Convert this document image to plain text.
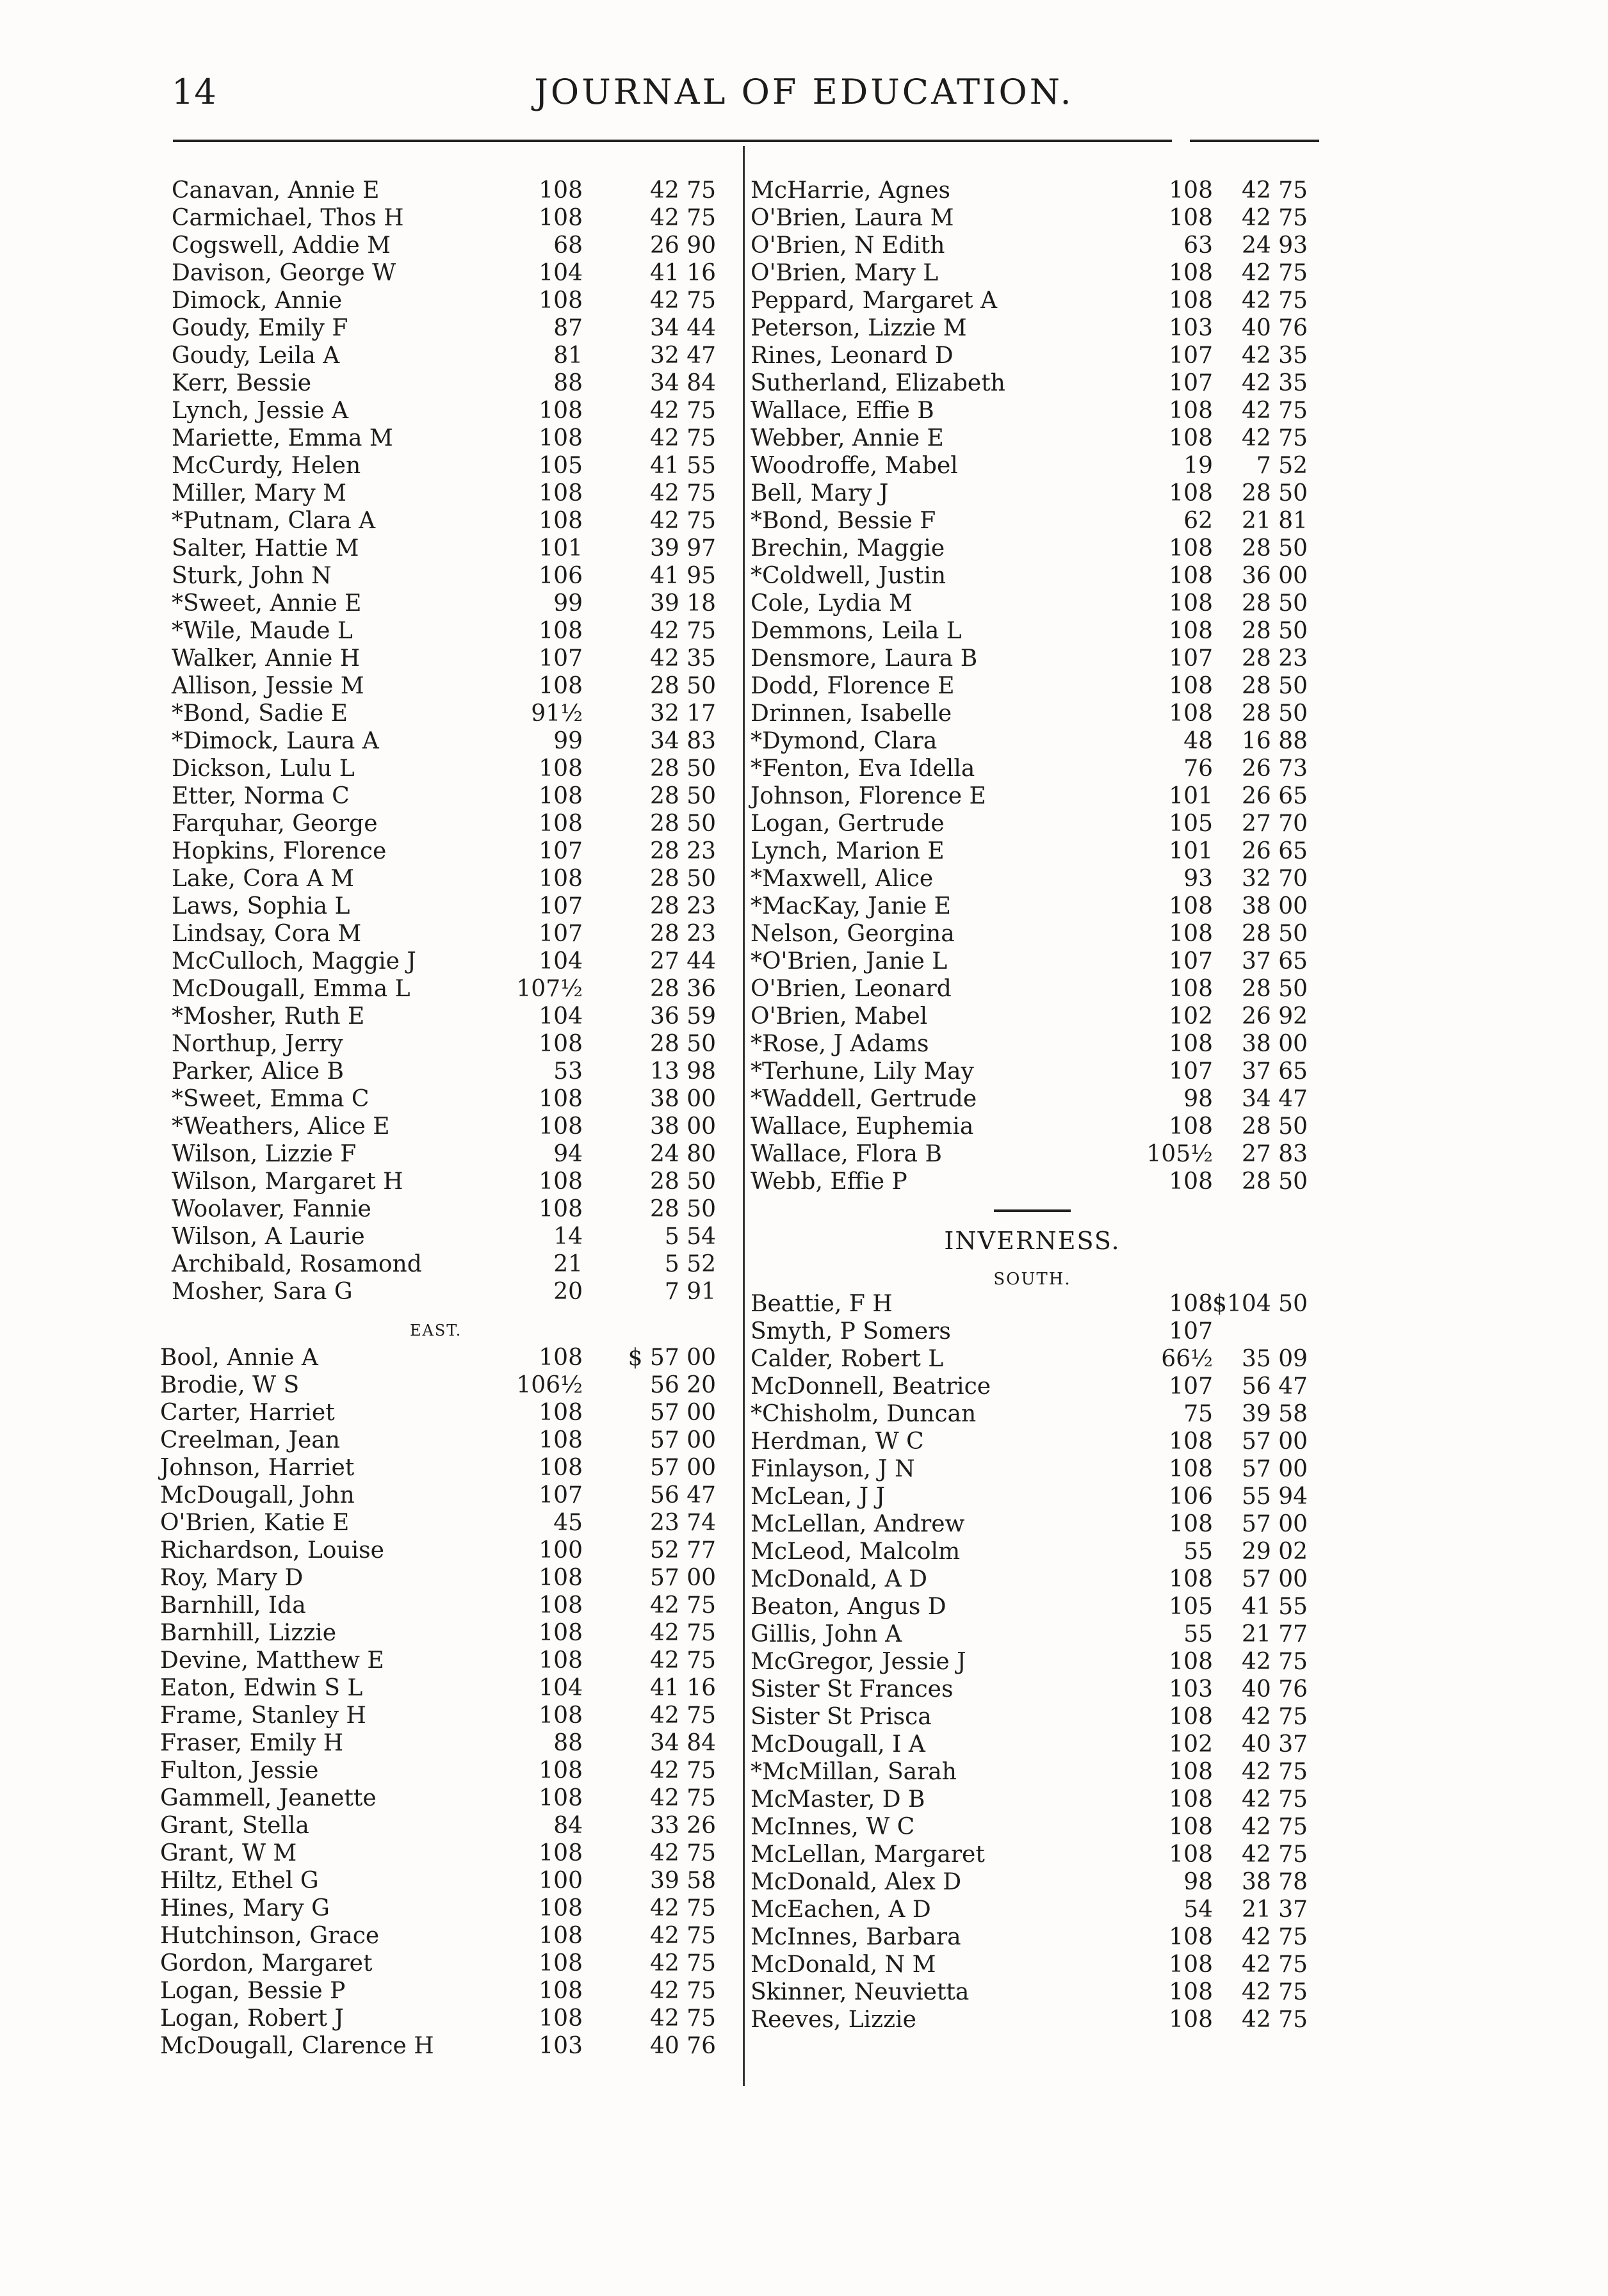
14	JOURNAL OF EDUCATION.
Canavan, Annie E	108	42 75
Carmichael, Thos H	108	42 75
Cogswell, Addie M	68	26 90
Davison, George W	104	41 16
Dimock, Annie	108	42 75
Goudy, Emily F	87	34 44
Goudy, Leila A	81	32 47
Kerr, Bessie	88	34 84
Lynch, Jessie A	108	42 75
Mariette, Emma M	108	42 75
McCurdy, Helen	105	41 55
Miller, Mary M	108	42 75
*Putnam, Clara A	108	42 75
Salter, Hattie M	101	39 97
Sturk, John N	106	41 95
*Sweet, Annie E	99	39 18
*Wile, Maude L	108	42 75
Walker, Annie H	107	42 35
Allison, Jessie M	108	28 50
*Bond, Sadie E	91½	32 17
*Dimock, Laura A	99	34 83
Dickson, Lulu L	108	28 50
Etter, Norma C	108	28 50
Farquhar, George	108	28 50
Hopkins, Florence	107	28 23
Lake, Cora A M	108	28 50
Laws, Sophia L	107	28 23
Lindsay, Cora M	107	28 23
McCulloch, Maggie J	104	27 44
McDougall, Emma L	107½	28 36
*Mosher, Ruth E	104	36 59
Northup, Jerry	108	28 50
Parker, Alice B	53	13 98
*Sweet, Emma C	108	38 00
*Weathers, Alice E	108	38 00
Wilson, Lizzie F	94	24 80
Wilson, Margaret H	108	28 50
Woolaver, Fannie	108	28 50
Wilson, A Laurie	14	5 54
Archibald, Rosamond	21	5 52
Mosher, Sara G	20	7 91
EAST.
Bool, Annie A	108	$ 57 00
Brodie, W S	106½	56 20
Carter, Harriet	108	57 00
Creelman, Jean	108	57 00
Johnson, Harriet	108	57 00
McDougall, John	107	56 47
O'Brien, Katie E	45	23 74
Richardson, Louise	100	52 77
Roy, Mary D	108	57 00
Barnhill, Ida	108	42 75
Barnhill, Lizzie	108	42 75
Devine, Matthew E	108	42 75
Eaton, Edwin S L	104	41 16
Frame, Stanley H	108	42 75
Fraser, Emily H	88	34 84
Fulton, Jessie	108	42 75
Gammell, Jeanette	108	42 75
Grant, Stella	84	33 26
Grant, W M	108	42 75
Hiltz, Ethel G	100	39 58
Hines, Mary G	108	42 75
Hutchinson, Grace	108	42 75
Gordon, Margaret	108	42 75
Logan, Bessie P	108	42 75
Logan, Robert J	108	42 75
McDougall, Clarence H	103	40 76
McHarrie, Agnes	108	42 75
O'Brien, Laura M	108	42 75
O'Brien, N Edith	63	24 93
O'Brien, Mary L	108	42 75
Peppard, Margaret A	108	42 75
Peterson, Lizzie M	103	40 76
Rines, Leonard D	107	42 35
Sutherland, Elizabeth	107	42 35
Wallace, Effie B	108	42 75
Webber, Annie E	108	42 75
Woodroffe, Mabel	19	7 52
Bell, Mary J	108	28 50
*Bond, Bessie F	62	21 81
Brechin, Maggie	108	28 50
*Coldwell, Justin	108	36 00
Cole, Lydia M	108	28 50
Demmons, Leila L	108	28 50
Densmore, Laura B	107	28 23
Dodd, Florence E	108	28 50
Drinnen, Isabelle	108	28 50
*Dymond, Clara	48	16 88
*Fenton, Eva Idella	76	26 73
Johnson, Florence E	101	26 65
Logan, Gertrude	105	27 70
Lynch, Marion E	101	26 65
*Maxwell, Alice	93	32 70
*MacKay, Janie E	108	38 00
Nelson, Georgina	108	28 50
*O'Brien, Janie L	107	37 65
O'Brien, Leonard	108	28 50
O'Brien, Mabel	102	26 92
*Rose, J Adams	108	38 00
*Terhune, Lily May	107	37 65
*Waddell, Gertrude	98	34 47
Wallace, Euphemia	108	28 50
Wallace, Flora B	105½	27 83
Webb, Effie P	108	28 50
INVERNESS.
SOUTH.
Beattie, F H	108 $104 50
Smyth, P Somers	107
Calder, Robert L	66½	35 09
McDonnell, Beatrice	107	56 47
*Chisholm, Duncan	75	39 58
Herdman, W C	108	57 00
Finlayson, J N	108	57 00
McLean, J J	106	55 94
McLellan, Andrew	108	57 00
McLeod, Malcolm	55	29 02
McDonald, A D	108	57 00
Beaton, Angus D	105	41 55
Gillis, John A	55	21 77
McGregor, Jessie J	108	42 75
Sister St Frances	103	40 76
Sister St Prisca	108	42 75
McDougall, I A	102	40 37
*McMillan, Sarah	108	42 75
McMaster, D B	108	42 75
McInnes, W C	108	42 75
McLellan, Margaret	108	42 75
McDonald, Alex D	98	38 78
McEachen, A D	54	21 37
McInnes, Barbara	108	42 75
McDonald, N M	108	42 75
Skinner, Neuvietta	108	42 75
Reeves, Lizzie	108	42 75
